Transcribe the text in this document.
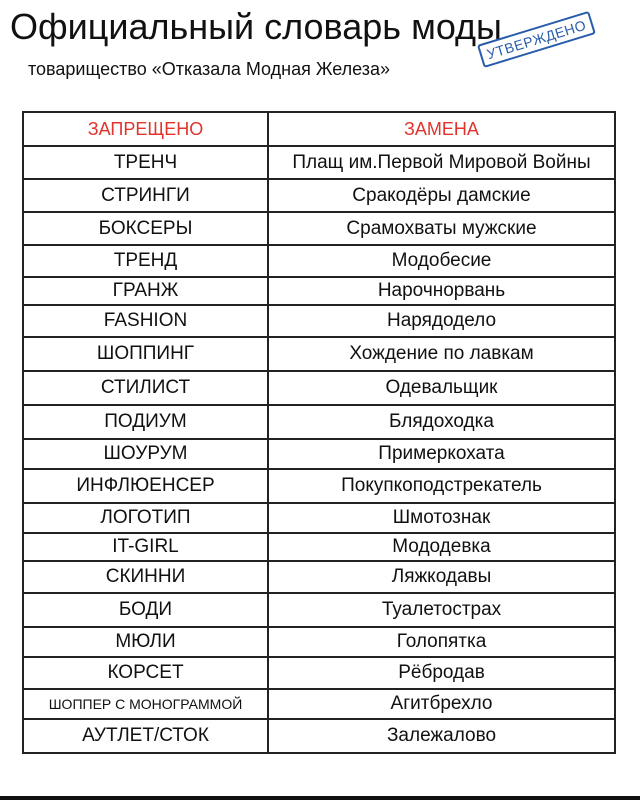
Официальный словарь моды
товарищество «Отказала Модная Железа»
УТВЕРЖДЕНО
ЗАПРЕЩЕНО	ЗАМЕНА
ТРЕНЧ	Плащ им.Первой Мировой Войны
СТРИНГИ	Сракодёры дамские
БОКСЕРЫ	Срамохваты мужские
ТРЕНД	Модобесие
ГРАНЖ	Нарочнорвань
FASHION	Нарядодело
ШОППИНГ	Хождение по лавкам
СТИЛИСТ	Одевальщик
ПОДИУМ	Блядоходка
ШОУРУМ	Примеркохата
ИНФЛЮЕНСЕР	Покупкоподстрекатель
ЛОГОТИП	Шмотознак
IT-GIRL	Мододевка
СКИННИ	Ляжкодавы
БОДИ	Туалетострах
МЮЛИ	Голопятка
КОРСЕТ	Рёбродав
ШОППЕР С МОНОГРАММОЙ	Агитбрехло
АУТЛЕТ/СТОК	Залежалово
